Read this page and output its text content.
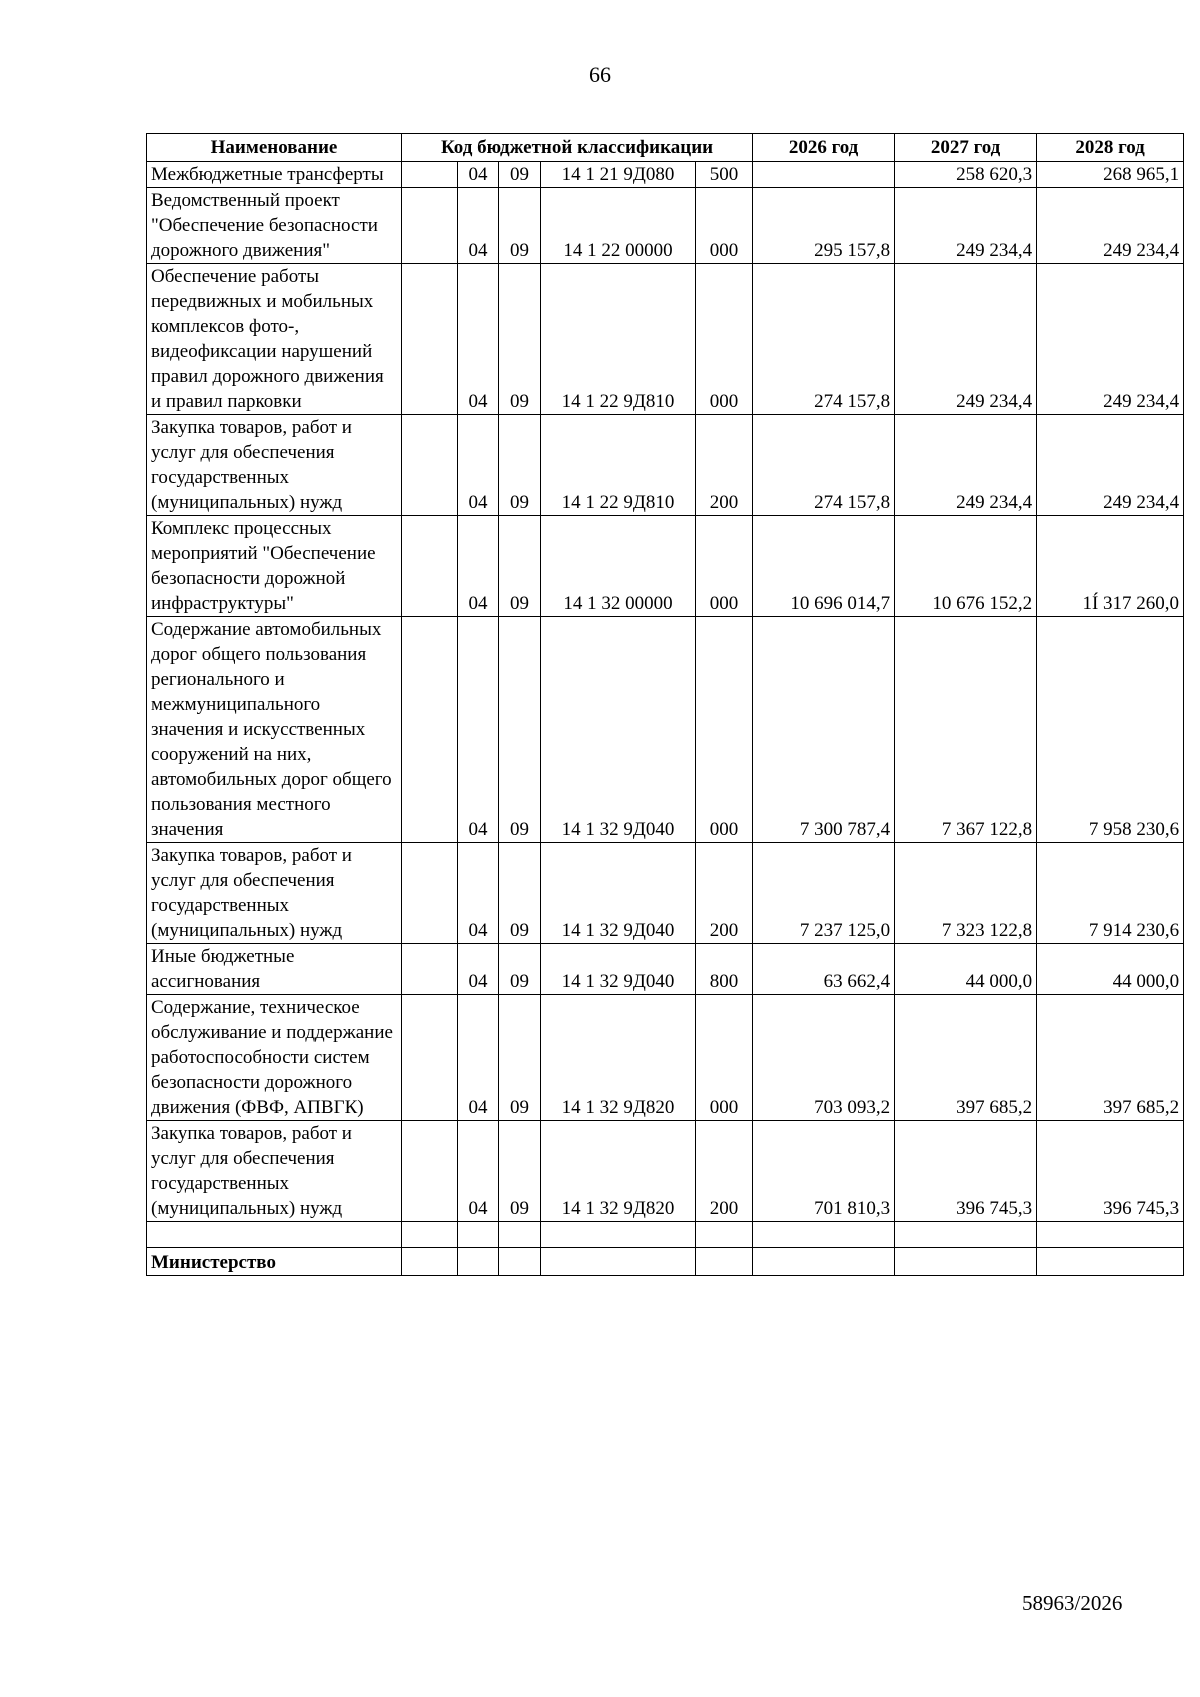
66
Наименование	Код бюджетной классификации					2026 год	2027 год	2028 год
Межбюджетные трансферты		04	09	14 1 21 9Д080	500		258 620,3	268 965,1
Ведомственный проект "Обеспечение безопасности дорожного движения"		04	09	14 1 22 00000	000	295 157,8	249 234,4	249 234,4
Обеспечение работы передвижных и мобильных комплексов фото-, видеофиксации нарушений правил дорожного движения и правил парковки		04	09	14 1 22 9Д810	000	274 157,8	249 234,4	249 234,4
Закупка товаров, работ и услуг для обеспечения государственных (муниципальных) нужд		04	09	14 1 22 9Д810	200	274 157,8	249 234,4	249 234,4
Комплекс процессных мероприятий "Обеспечение безопасности дорожной инфраструктуры"		04	09	14 1 32 00000	000	10 696 014,7	10 676 152,2	1Í 317 260,0
Содержание автомобильных дорог общего пользования регионального и межмуниципального значения и искусственных сооружений на них, автомобильных дорог общего пользования местного значения		04	09	14 1 32 9Д040	000	7 300 787,4	7 367 122,8	7 958 230,6
Закупка товаров, работ и услуг для обеспечения государственных (муниципальных) нужд		04	09	14 1 32 9Д040	200	7 237 125,0	7 323 122,8	7 914 230,6
Иные бюджетные ассигнования		04	09	14 1 32 9Д040	800	63 662,4	44 000,0	44 000,0
Содержание, техническое обслуживание и поддержание работоспособности систем безопасности дорожного движения (ФВФ, АПВГК)		04	09	14 1 32 9Д820	000	703 093,2	397 685,2	397 685,2
Закупка товаров, работ и услуг для обеспечения государственных (муниципальных) нужд		04	09	14 1 32 9Д820	200	701 810,3	396 745,3	396 745,3

Министерство								
58963/2026
